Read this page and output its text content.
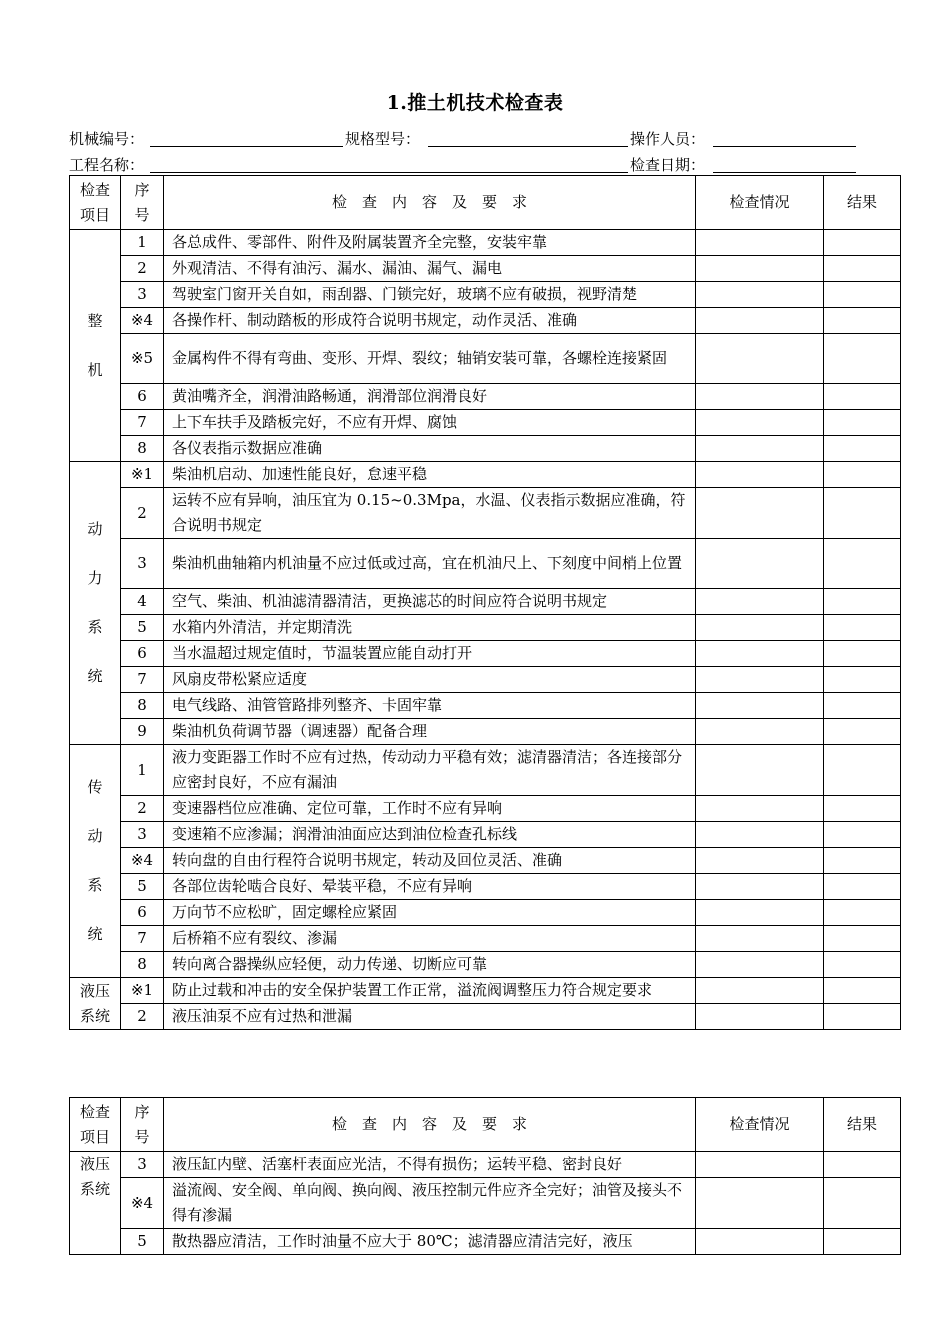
1.推土机技术检查表
机械编号：	规格型号：	操作人员：
工程名称：	检查日期：
检查
项目	序
号	检　查　内　容　及　要　求	检查情况	结果

整
机	1	各总成件、零部件、附件及附属装置齐全完整，安装牢靠		
	2	外观清洁、不得有油污、漏水、漏油、漏气、漏电		
	3	驾驶室门窗开关自如，雨刮器、门锁完好，玻璃不应有破损，视野清楚		
	※4	各操作杆、制动踏板的形成符合说明书规定，动作灵活、准确		
	※5	金属构件不得有弯曲、变形、开焊、裂纹；轴销安装可靠，各螺栓连接紧固		
	6	黄油嘴齐全，润滑油路畅通，润滑部位润滑良好		
	7	上下车扶手及踏板完好，不应有开焊、腐蚀		
	8	各仪表指示数据应准确		

动
力
系
统	※1	柴油机启动、加速性能良好，怠速平稳		
	2	运转不应有异响，油压宜为 0.15~0.3Mpa，水温、仪表指示数据应准确，符合说明书规定		
	3	柴油机曲轴箱内机油量不应过低或过高，宜在机油尺上、下刻度中间梢上位置		
	4	空气、柴油、机油滤清器清洁，更换滤芯的时间应符合说明书规定		
	5	水箱内外清洁，并定期清洗		
	6	当水温超过规定值时，节温装置应能自动打开		
	7	风扇皮带松紧应适度		
	8	电气线路、油管管路排列整齐、卡固牢靠		
	9	柴油机负荷调节器（调速器）配备合理		

传
动
系
统	1	液力变距器工作时不应有过热，传动动力平稳有效；滤清器清洁；各连接部分应密封良好，不应有漏油		
	2	变速器档位应准确、定位可靠，工作时不应有异响		
	3	变速箱不应渗漏；润滑油油面应达到油位检查孔标线		
	※4	转向盘的自由行程符合说明书规定，转动及回位灵活、准确		
	5	各部位齿轮啮合良好、晕装平稳，不应有异响		
	6	万向节不应松旷，固定螺栓应紧固		
	7	后桥箱不应有裂纹、渗漏		
	8	转向离合器操纵应轻便，动力传递、切断应可靠		

液压
系统	※1	防止过载和冲击的安全保护装置工作正常，溢流阀调整压力符合规定要求		
	2	液压油泵不应有过热和泄漏		
检查
项目	序
号	检　查　内　容　及　要　求	检查情况	结果

液压
系统	3	液压缸内壁、活塞杆表面应光洁，不得有损伤；运转平稳、密封良好		
	※4	溢流阀、安全阀、单向阀、换向阀、液压控制元件应齐全完好；油管及接头不得有渗漏		
	5	散热器应清洁，工作时油量不应大于 80℃；滤清器应清洁完好，液压		
